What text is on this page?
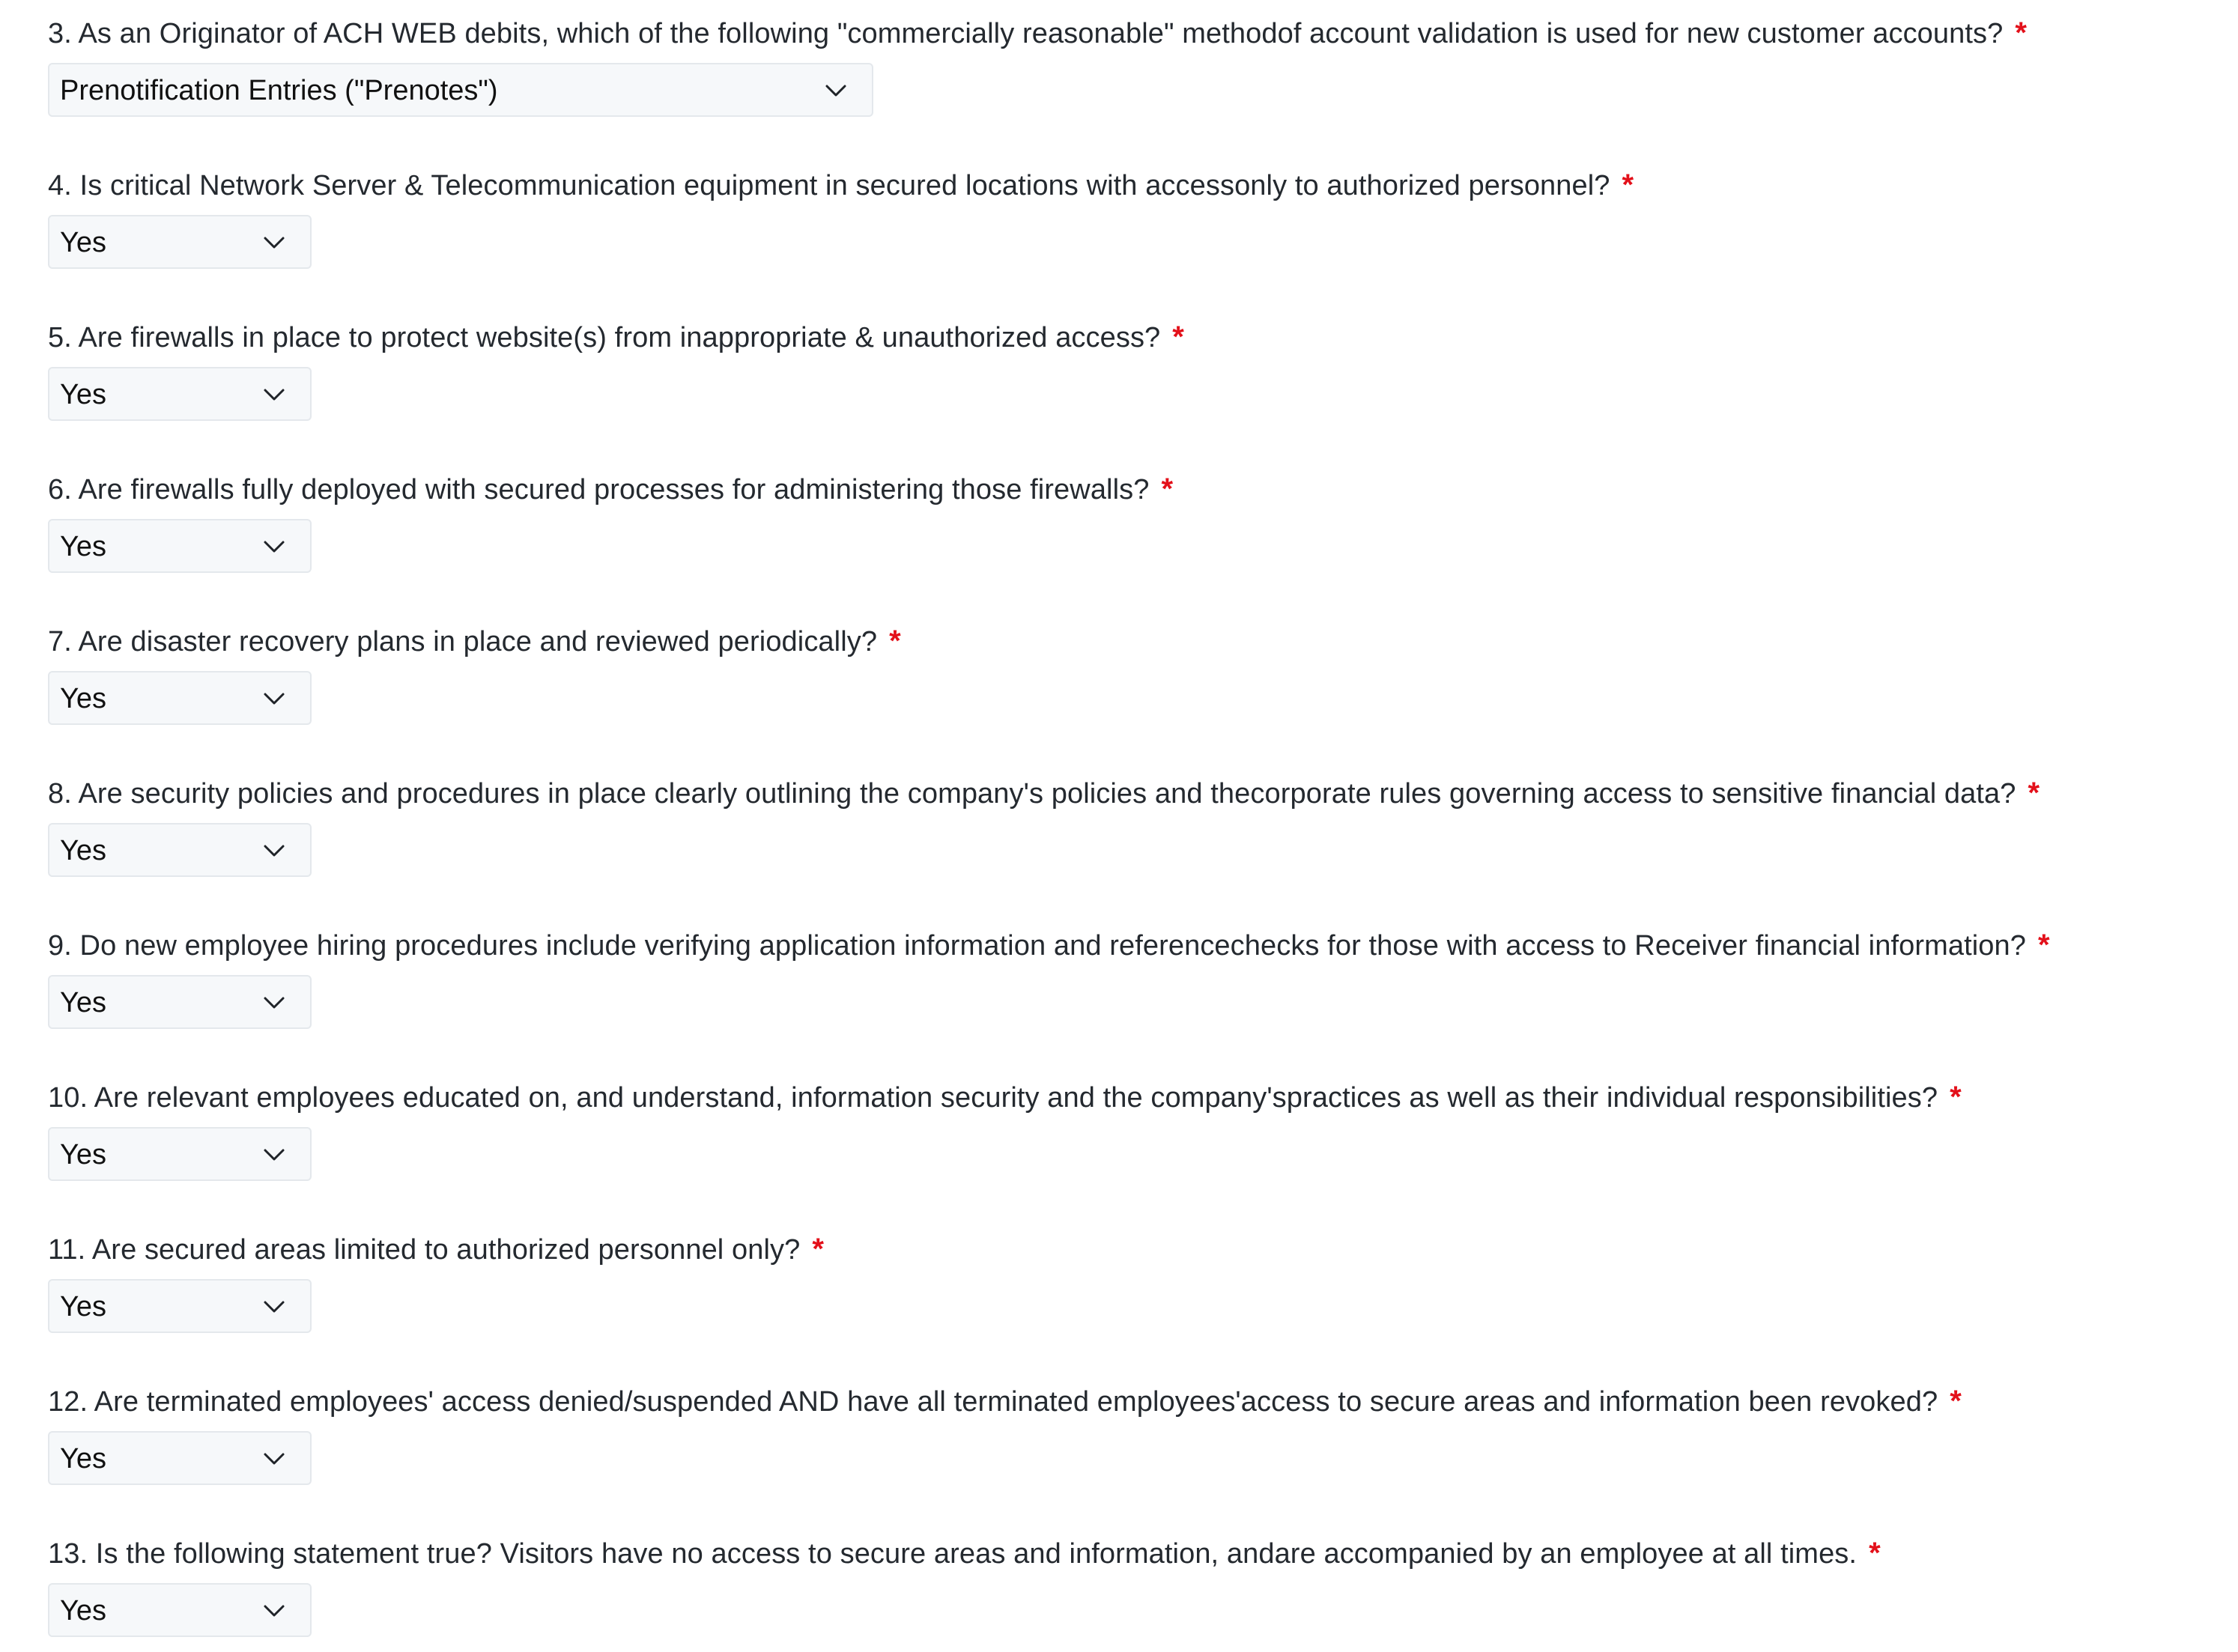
3. As an Originator of ACH WEB debits, which of the following "commercially reasonable" methodof account validation is used for new customer accounts? *
Prenotification Entries ("Prenotes")
4. Is critical Network Server & Telecommunication equipment in secured locations with accessonly to authorized personnel? *
Yes
5. Are firewalls in place to protect website(s) from inappropriate & unauthorized access? *
Yes
6. Are firewalls fully deployed with secured processes for administering those firewalls? *
Yes
7. Are disaster recovery plans in place and reviewed periodically? *
Yes
8. Are security policies and procedures in place clearly outlining the company's policies and thecorporate rules governing access to sensitive financial data? *
Yes
9. Do new employee hiring procedures include verifying application information and referencechecks for those with access to Receiver financial information? *
Yes
10. Are relevant employees educated on, and understand, information security and the company'spractices as well as their individual responsibilities? *
Yes
11. Are secured areas limited to authorized personnel only? *
Yes
12. Are terminated employees' access denied/suspended AND have all terminated employees'access to secure areas and information been revoked? *
Yes
13. Is the following statement true? Visitors have no access to secure areas and information, andare accompanied by an employee at all times. *
Yes
